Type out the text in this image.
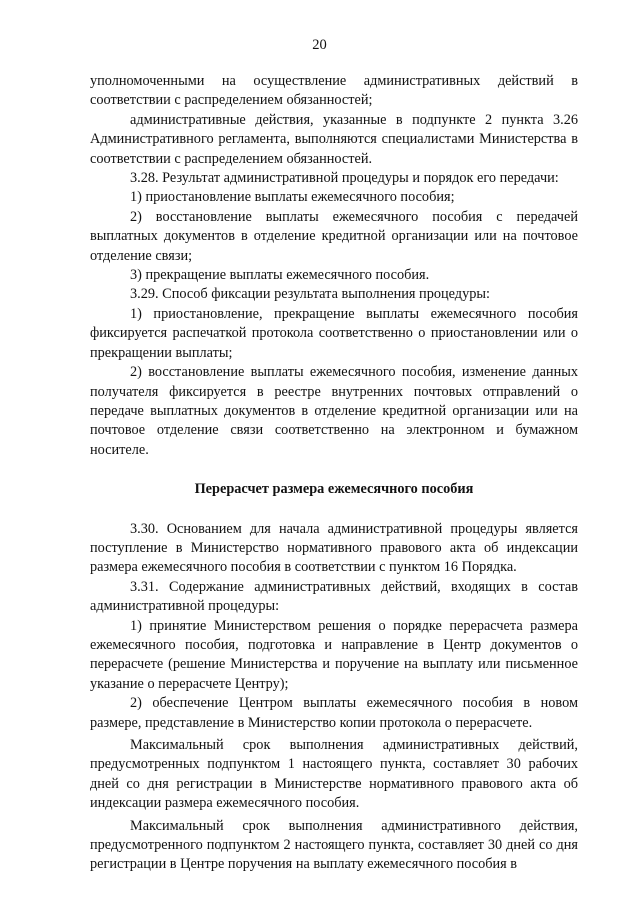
20

уполномоченными на осуществление административных действий в соответствии с распределением обязанностей;

административные действия, указанные в подпункте 2 пункта 3.26 Административного регламента, выполняются специалистами Министерства в соответствии с распределением обязанностей.

3.28. Результат административной процедуры и порядок его передачи:

1) приостановление выплаты ежемесячного пособия;

2) восстановление выплаты ежемесячного пособия с передачей выплатных документов в отделение кредитной организации или на почтовое отделение связи;

3) прекращение выплаты ежемесячного пособия.

3.29. Способ фиксации результата выполнения процедуры:

1) приостановление, прекращение выплаты ежемесячного пособия фиксируется распечаткой протокола соответственно о приостановлении или о прекращении выплаты;

2) восстановление выплаты ежемесячного пособия, изменение данных получателя фиксируется в реестре внутренних почтовых отправлений о передаче выплатных документов в отделение кредитной организации или на почтовое отделение связи соответственно на электронном и бумажном носителе.

Перерасчет размера ежемесячного пособия

3.30. Основанием для начала административной процедуры является поступление в Министерство нормативного правового акта об индексации размера ежемесячного пособия в соответствии с пунктом 16 Порядка.

3.31. Содержание административных действий, входящих в состав административной процедуры:

1) принятие Министерством решения о порядке перерасчета размера ежемесячного пособия, подготовка и направление в Центр документов о перерасчете (решение Министерства и поручение на выплату или письменное указание о перерасчете Центру);

2) обеспечение Центром выплаты ежемесячного пособия в новом размере, представление в Министерство копии протокола о перерасчете.

Максимальный срок выполнения административных действий, предусмотренных подпунктом 1 настоящего пункта, составляет 30 рабочих дней со дня регистрации в Министерстве нормативного правового акта об индексации размера ежемесячного пособия.

Максимальный срок выполнения административного действия, предусмотренного подпунктом 2 настоящего пункта, составляет 30 дней со дня регистрации в Центре поручения на выплату ежемесячного пособия в
